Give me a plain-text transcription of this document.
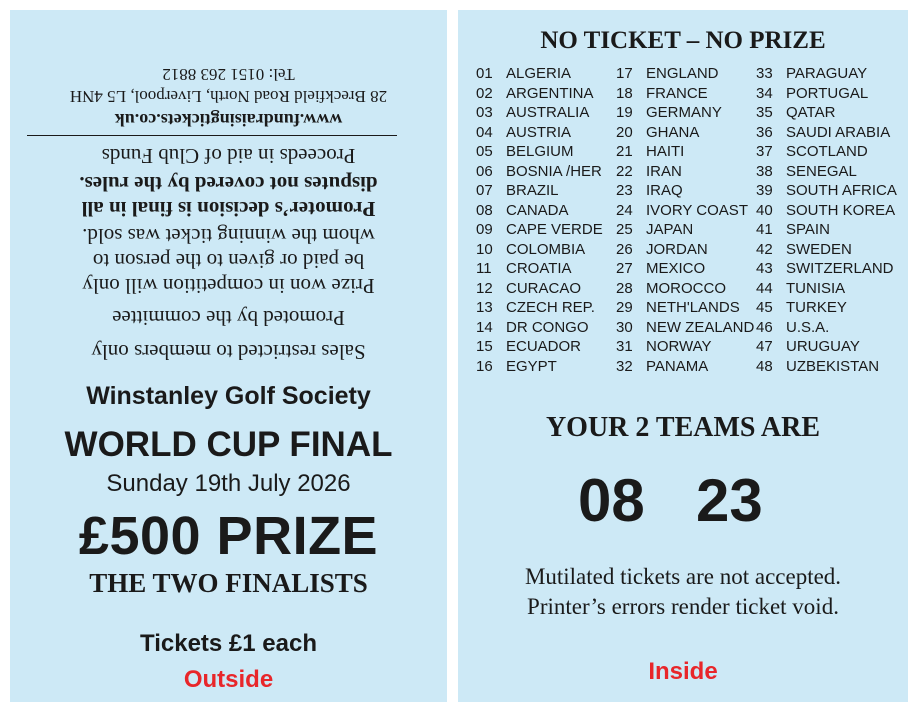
Sales restricted to members only
Promoted by the committee
Prize won in competition will only
be paid or given to the person to
whom the winning ticket was sold.
Promoter’s decision is final in all
disputes not covered by the rules.
Proceeds in aid of Club Funds
www.fundraisingtickets.co.uk
28 Breckfield Road North, Liverpool, L5 4NH
Tel: 0151 263 8812
Winstanley Golf Society
WORLD CUP FINAL
Sunday 19th July 2026
£500 PRIZE
THE TWO FINALISTS
Tickets £1 each
Outside
NO TICKET – NO PRIZE
01 ALGERIA
02 ARGENTINA
03 AUSTRALIA
04 AUSTRIA
05 BELGIUM
06 BOSNIA /HER
07 BRAZIL
08 CANADA
09 CAPE VERDE
10 COLOMBIA
11 CROATIA
12 CURACAO
13 CZECH REP.
14 DR CONGO
15 ECUADOR
16 EGYPT
17 ENGLAND
18 FRANCE
19 GERMANY
20 GHANA
21 HAITI
22 IRAN
23 IRAQ
24 IVORY COAST
25 JAPAN
26 JORDAN
27 MEXICO
28 MOROCCO
29 NETH'LANDS
30 NEW ZEALAND
31 NORWAY
32 PANAMA
33 PARAGUAY
34 PORTUGAL
35 QATAR
36 SAUDI ARABIA
37 SCOTLAND
38 SENEGAL
39 SOUTH AFRICA
40 SOUTH KOREA
41 SPAIN
42 SWEDEN
43 SWITZERLAND
44 TUNISIA
45 TURKEY
46 U.S.A.
47 URUGUAY
48 UZBEKISTAN
YOUR 2 TEAMS ARE
08 23
Mutilated tickets are not accepted.
Printer’s errors render ticket void.
Inside
